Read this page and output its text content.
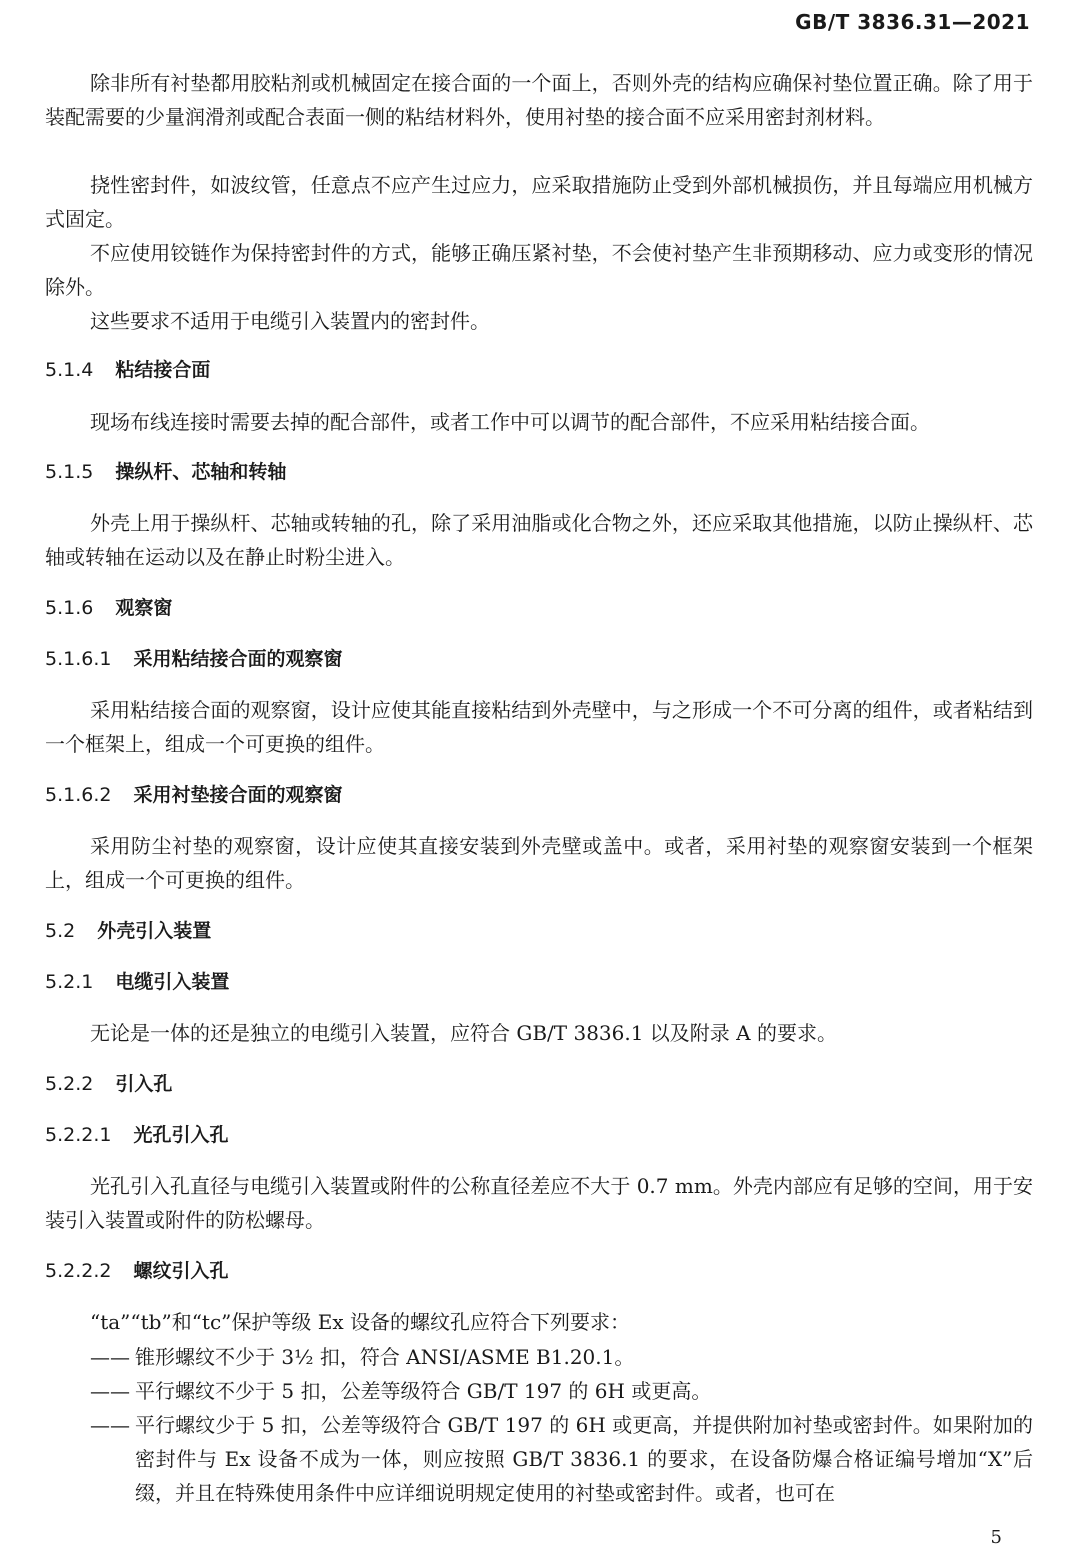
GB/T 3836.31—2021

除非所有衬垫都用胶粘剂或机械固定在接合面的一个面上，否则外壳的结构应确保衬垫位置正确。除了用于装配需要的少量润滑剂或配合表面一侧的粘结材料外，使用衬垫的接合面不应采用密封剂材料。

挠性密封件，如波纹管，任意点不应产生过应力，应采取措施防止受到外部机械损伤，并且每端应用机械方式固定。

不应使用铰链作为保持密封件的方式，能够正确压紧衬垫，不会使衬垫产生非预期移动、应力或变形的情况除外。

这些要求不适用于电缆引入装置内的密封件。

5.1.4 粘结接合面

现场布线连接时需要去掉的配合部件，或者工作中可以调节的配合部件，不应采用粘结接合面。

5.1.5 操纵杆、芯轴和转轴

外壳上用于操纵杆、芯轴或转轴的孔，除了采用油脂或化合物之外，还应采取其他措施，以防止操纵杆、芯轴或转轴在运动以及在静止时粉尘进入。

5.1.6 观察窗
5.1.6.1 采用粘结接合面的观察窗

采用粘结接合面的观察窗，设计应使其能直接粘结到外壳壁中，与之形成一个不可分离的组件，或者粘结到一个框架上，组成一个可更换的组件。

5.1.6.2 采用衬垫接合面的观察窗

采用防尘衬垫的观察窗，设计应使其直接安装到外壳壁或盖中。或者，采用衬垫的观察窗安装到一个框架上，组成一个可更换的组件。

5.2 外壳引入装置
5.2.1 电缆引入装置

无论是一体的还是独立的电缆引入装置，应符合 GB/T 3836.1 以及附录 A 的要求。

5.2.2 引入孔
5.2.2.1 光孔引入孔

光孔引入孔直径与电缆引入装置或附件的公称直径差应不大于 0.7 mm。外壳内部应有足够的空间，用于安装引入装置或附件的防松螺母。

5.2.2.2 螺纹引入孔

“ta”“tb”和“tc”保护等级 Ex 设备的螺纹孔应符合下列要求：

—— 锥形螺纹不少于 3½ 扣，符合 ANSI/ASME B1.20.1。

—— 平行螺纹不少于 5 扣，公差等级符合 GB/T 197 的 6H 或更高。

—— 平行螺纹少于 5 扣，公差等级符合 GB/T 197 的 6H 或更高，并提供附加衬垫或密封件。如果附加的密封件与 Ex 设备不成为一体，则应按照 GB/T 3836.1 的要求，在设备防爆合格证编号增加“X”后缀，并且在特殊使用条件中应详细说明规定使用的衬垫或密封件。或者，也可在

5
